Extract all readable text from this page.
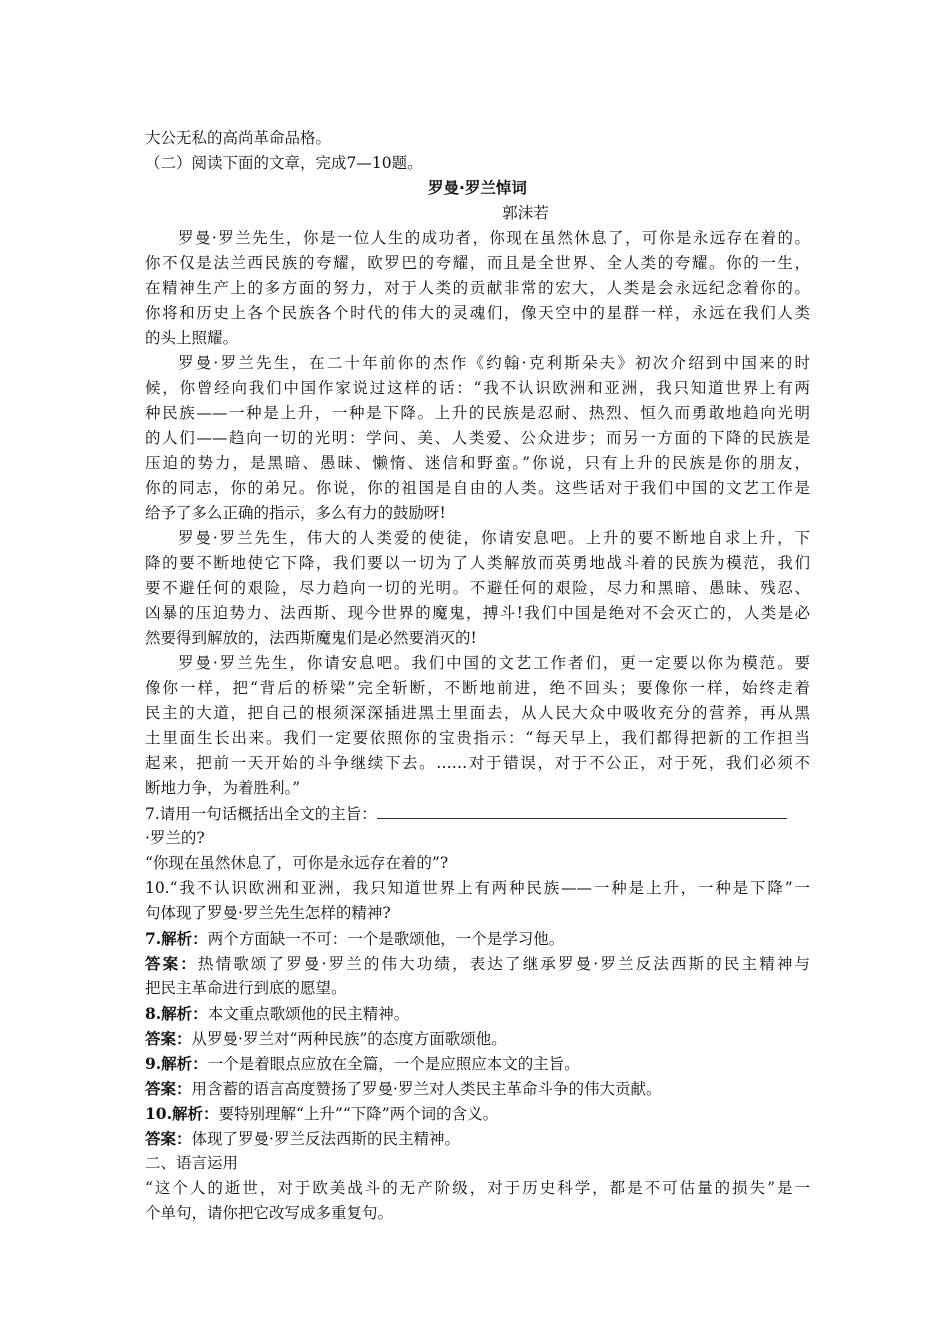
大公无私的高尚革命品格。
（二）阅读下面的文章，完成7—10题。
罗曼·罗兰悼词
郭沫若
罗曼·罗兰先生，你是一位人生的成功者，你现在虽然休息了，可你是永远存在着的。
你不仅是法兰西民族的夸耀，欧罗巴的夸耀，而且是全世界、全人类的夸耀。你的一生，
在精神生产上的多方面的努力，对于人类的贡献非常的宏大，人类是会永远纪念着你的。
你将和历史上各个民族各个时代的伟大的灵魂们，像天空中的星群一样，永远在我们人类
的头上照耀。
罗曼·罗兰先生，在二十年前你的杰作《约翰·克利斯朵夫》初次介绍到中国来的时
候，你曾经向我们中国作家说过这样的话：“我不认识欧洲和亚洲，我只知道世界上有两
种民族——一种是上升，一种是下降。上升的民族是忍耐、热烈、恒久而勇敢地趋向光明
的人们——趋向一切的光明：学问、美、人类爱、公众进步；而另一方面的下降的民族是
压迫的势力，是黑暗、愚昧、懒惰、迷信和野蛮。”你说，只有上升的民族是你的朋友，
你的同志，你的弟兄。你说，你的祖国是自由的人类。这些话对于我们中国的文艺工作是
给予了多么正确的指示，多么有力的鼓励呀!
罗曼·罗兰先生，伟大的人类爱的使徒，你请安息吧。上升的要不断地自求上升，下
降的要不断地使它下降，我们要以一切为了人类解放而英勇地战斗着的民族为模范，我们
要不避任何的艰险，尽力趋向一切的光明。不避任何的艰险，尽力和黑暗、愚昧、残忍、
凶暴的压迫势力、法西斯、现今世界的魔鬼，搏斗!我们中国是绝对不会灭亡的，人类是必
然要得到解放的，法西斯魔鬼们是必然要消灭的!
罗曼·罗兰先生，你请安息吧。我们中国的文艺工作者们，更一定要以你为模范。要
像你一样，把“背后的桥梁”完全斩断，不断地前进，绝不回头；要像你一样，始终走着
民主的大道，把自己的根须深深插进黑土里面去，从人民大众中吸收充分的营养，再从黑
土里面生长出来。我们一定要依照你的宝贵指示：“每天早上，我们都得把新的工作担当
起来，把前一天开始的斗争继续下去。……对于错误，对于不公正，对于死，我们必须不
断地力争，为着胜利。”
7.请用一句话概括出全文的主旨：
·罗兰的?
“你现在虽然休息了，可你是永远存在着的”?
10.“我不认识欧洲和亚洲，我只知道世界上有两种民族——一种是上升，一种是下降”一
句体现了罗曼·罗兰先生怎样的精神?
7.解析：两个方面缺一不可：一个是歌颂他，一个是学习他。
答案：热情歌颂了罗曼·罗兰的伟大功绩，表达了继承罗曼·罗兰反法西斯的民主精神与
把民主革命进行到底的愿望。
8.解析：本文重点歌颂他的民主精神。
答案：从罗曼·罗兰对“两种民族”的态度方面歌颂他。
9.解析：一个是着眼点应放在全篇，一个是应照应本文的主旨。
答案：用含蓄的语言高度赞扬了罗曼·罗兰对人类民主革命斗争的伟大贡献。
10.解析：要特别理解“上升”“下降”两个词的含义。
答案：体现了罗曼·罗兰反法西斯的民主精神。
二、语言运用
“这个人的逝世，对于欧美战斗的无产阶级，对于历史科学，都是不可估量的损失”是一
个单句，请你把它改写成多重复句。
